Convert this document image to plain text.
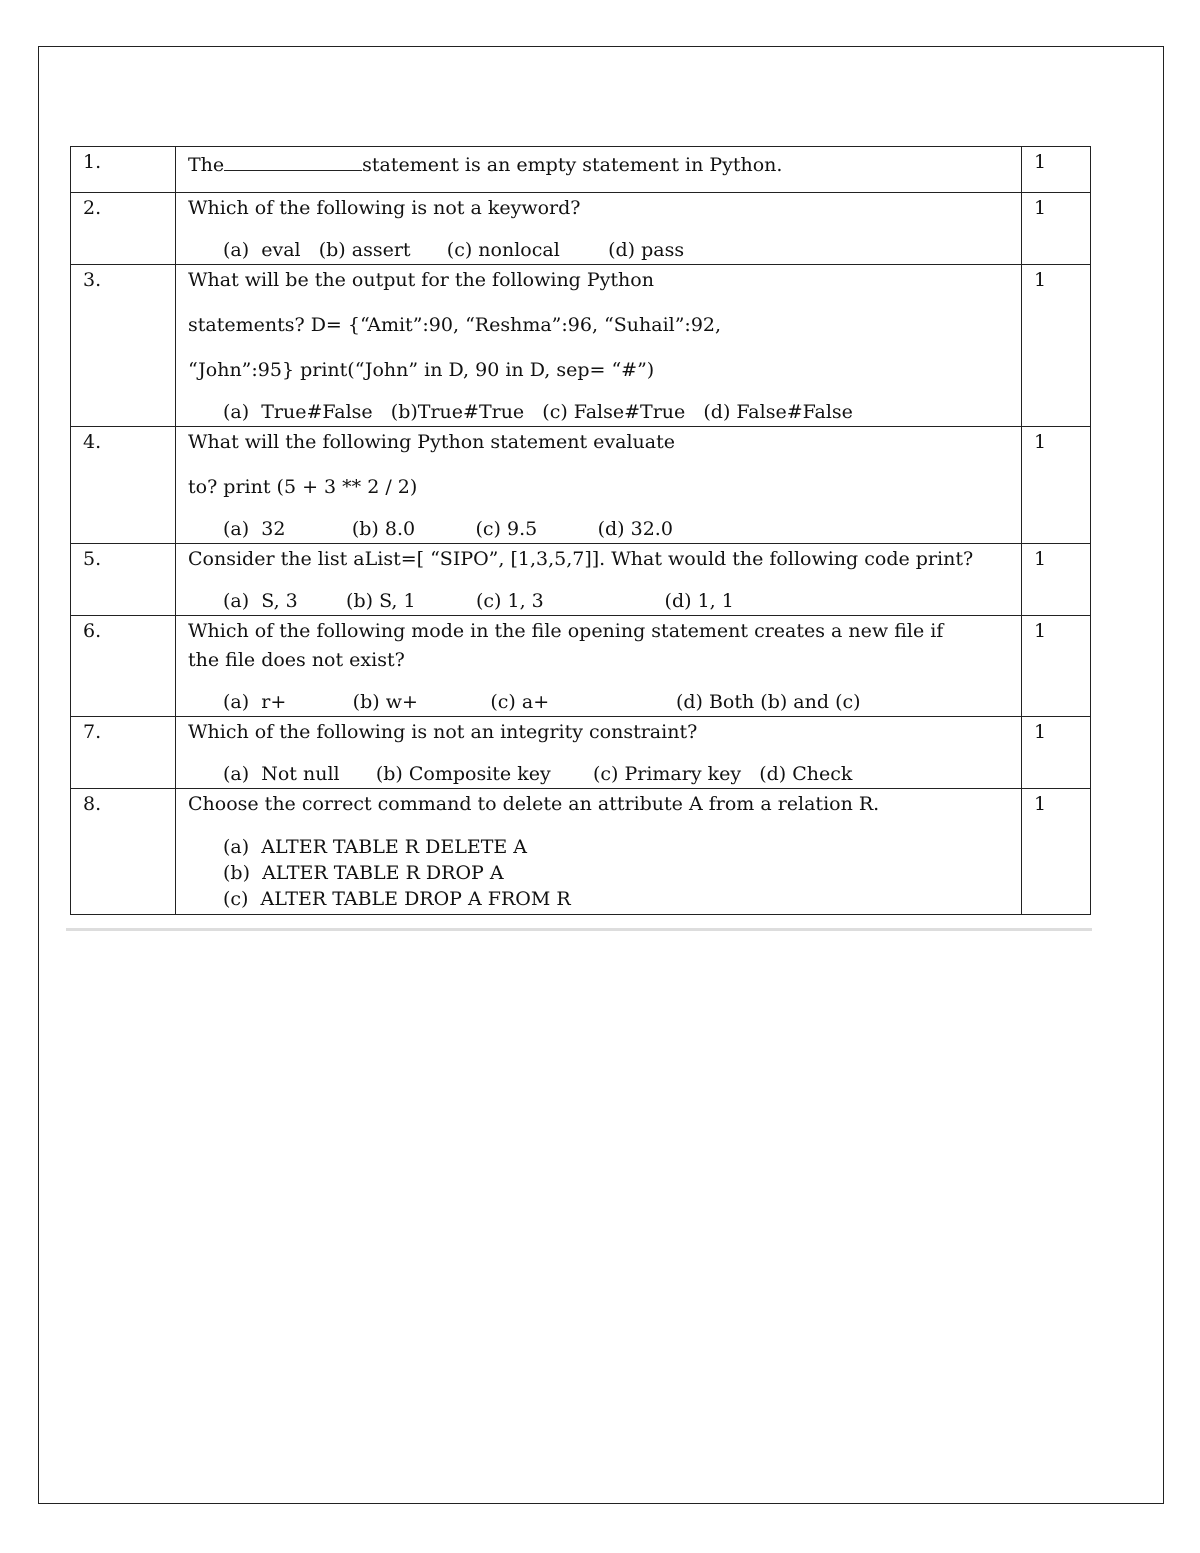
1.	The statement is an empty statement in Python.	1
2.	Which of the following is not a keyword?
(a)  eval   (b) assert      (c) nonlocal        (d) pass	1
3.	What will be the output for the following Python
statements? D= {“Amit”:90, “Reshma”:96, “Suhail”:92,
“John”:95} print(“John” in D, 90 in D, sep= “#”)
(a)  True#False   (b)True#True   (c) False#True   (d) False#False	1
4.	What will the following Python statement evaluate
to? print (5 + 3 ** 2 / 2)
(a)  32           (b) 8.0          (c) 9.5          (d) 32.0	1
5.	Consider the list aList=[ “SIPO”, [1,3,5,7]]. What would the following code print?
(a)  S, 3        (b) S, 1          (c) 1, 3                    (d) 1, 1	1
6.	Which of the following mode in the file opening statement creates a new file if
the file does not exist?
(a)  r+           (b) w+            (c) a+                     (d) Both (b) and (c)	1
7.	Which of the following is not an integrity constraint?
(a)  Not null      (b) Composite key       (c) Primary key   (d) Check	1
8.	Choose the correct command to delete an attribute A from a relation R.
(a)  ALTER TABLE R DELETE A
(b)  ALTER TABLE R DROP A
(c)  ALTER TABLE DROP A FROM R	1
